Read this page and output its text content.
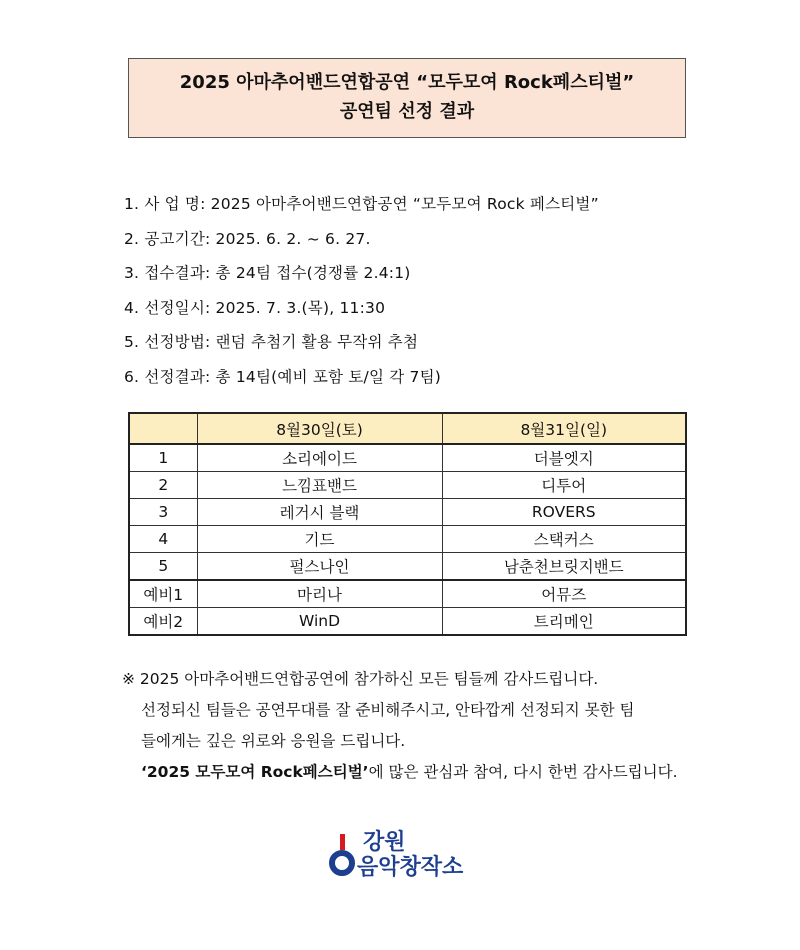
2025 아마추어밴드연합공연 “모두모여 Rock페스티벌”
공연팀 선정 결과
1. 사 업 명: 2025 아마추어밴드연합공연 “모두모여 Rock 페스티벌”
2. 공고기간: 2025. 6. 2. ~ 6. 27.
3. 접수결과: 총 24팀 접수(경쟁률 2.4:1)
4. 선정일시: 2025. 7. 3.(목), 11:30
5. 선정방법: 랜덤 추첨기 활용 무작위 추첨
6. 선정결과: 총 14팀(예비 포함 토/일 각 7팀)
	8월30일(토)	8월31일(일)
1	소리에이드	더블엣지
2	느낌표밴드	디투어
3	레거시 블랙	ROVERS
4	기드	스택커스
5	펄스나인	남춘천브릿지밴드
예비1	마리나	어뮤즈
예비2	WinD	트리메인
※ 2025 아마추어밴드연합공연에 참가하신 모든 팀들께 감사드립니다.
선정되신 팀들은 공연무대를 잘 준비해주시고, 안타깝게 선정되지 못한 팀
들에게는 깊은 위로와 응원을 드립니다.
‘2025 모두모여 Rock페스티벌’에 많은 관심과 참여, 다시 한번 감사드립니다.
강원
음악창작소
